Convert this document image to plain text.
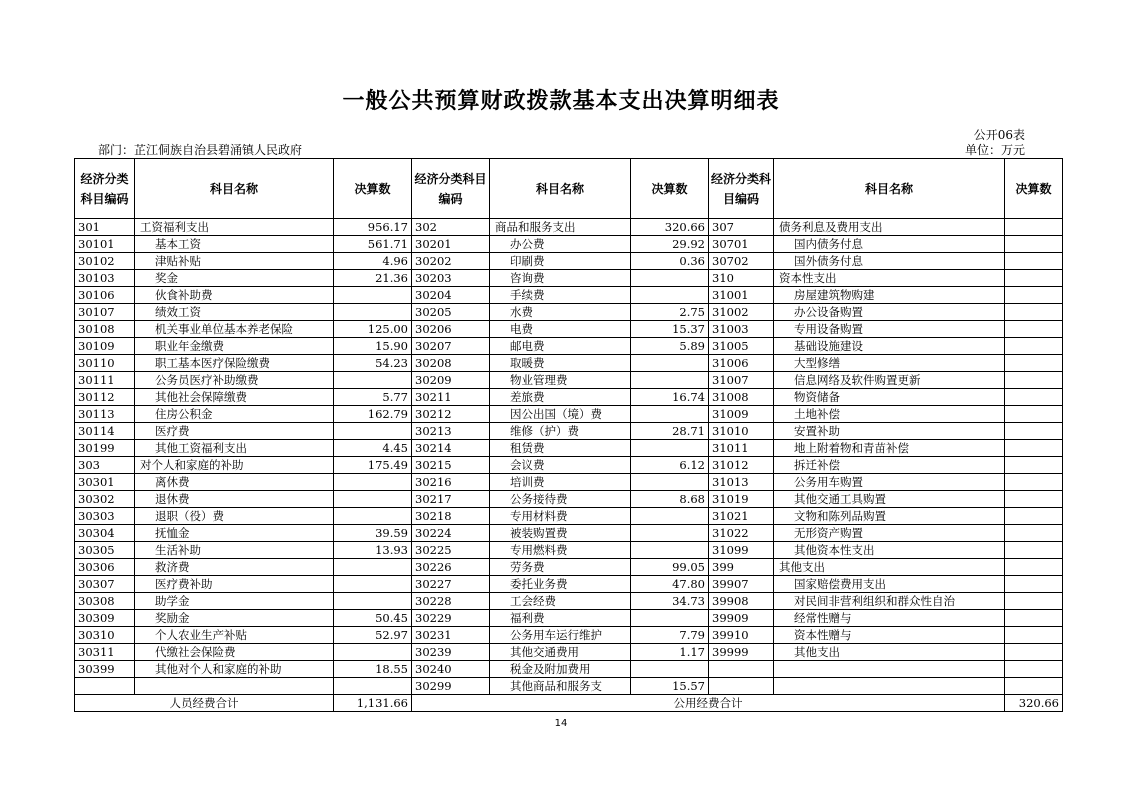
一般公共预算财政拨款基本支出决算明细表
公开06表
部门：芷江侗族自治县碧涌镇人民政府	单位：万元
经济分类科目编码	科目名称	决算数	经济分类科目编码	科目名称	决算数	经济分类科目编码	科目名称	决算数
301	工资福利支出	956.17	302	商品和服务支出	320.66	307	债务利息及费用支出	
30101	基本工资	561.71	30201	办公费	29.92	30701	国内债务付息	
30102	津贴补贴	4.96	30202	印刷费	0.36	30702	国外债务付息	
30103	奖金	21.36	30203	咨询费		310	资本性支出	
30106	伙食补助费		30204	手续费		31001	房屋建筑物购建	
30107	绩效工资		30205	水费	2.75	31002	办公设备购置	
30108	机关事业单位基本养老保险	125.00	30206	电费	15.37	31003	专用设备购置	
30109	职业年金缴费	15.90	30207	邮电费	5.89	31005	基础设施建设	
30110	职工基本医疗保险缴费	54.23	30208	取暖费		31006	大型修缮	
30111	公务员医疗补助缴费		30209	物业管理费		31007	信息网络及软件购置更新	
30112	其他社会保障缴费	5.77	30211	差旅费	16.74	31008	物资储备	
30113	住房公积金	162.79	30212	因公出国（境）费		31009	土地补偿	
30114	医疗费		30213	维修（护）费	28.71	31010	安置补助	
30199	其他工资福利支出	4.45	30214	租赁费		31011	地上附着物和青苗补偿	
303	对个人和家庭的补助	175.49	30215	会议费	6.12	31012	拆迁补偿	
30301	离休费		30216	培训费		31013	公务用车购置	
30302	退休费		30217	公务接待费	8.68	31019	其他交通工具购置	
30303	退职（役）费		30218	专用材料费		31021	文物和陈列品购置	
30304	抚恤金	39.59	30224	被装购置费		31022	无形资产购置	
30305	生活补助	13.93	30225	专用燃料费		31099	其他资本性支出	
30306	救济费		30226	劳务费	99.05	399	其他支出	
30307	医疗费补助		30227	委托业务费	47.80	39907	国家赔偿费用支出	
30308	助学金		30228	工会经费	34.73	39908	对民间非营利组织和群众性自治	
30309	奖励金	50.45	30229	福利费		39909	经常性赠与	
30310	个人农业生产补贴	52.97	30231	公务用车运行维护	7.79	39910	资本性赠与	
30311	代缴社会保险费		30239	其他交通费用	1.17	39999	其他支出	
30399	其他对个人和家庭的补助	18.55	30240	税金及附加费用				
			30299	其他商品和服务支	15.57			
人员经费合计		1,131.66	公用经费合计					320.66
14
